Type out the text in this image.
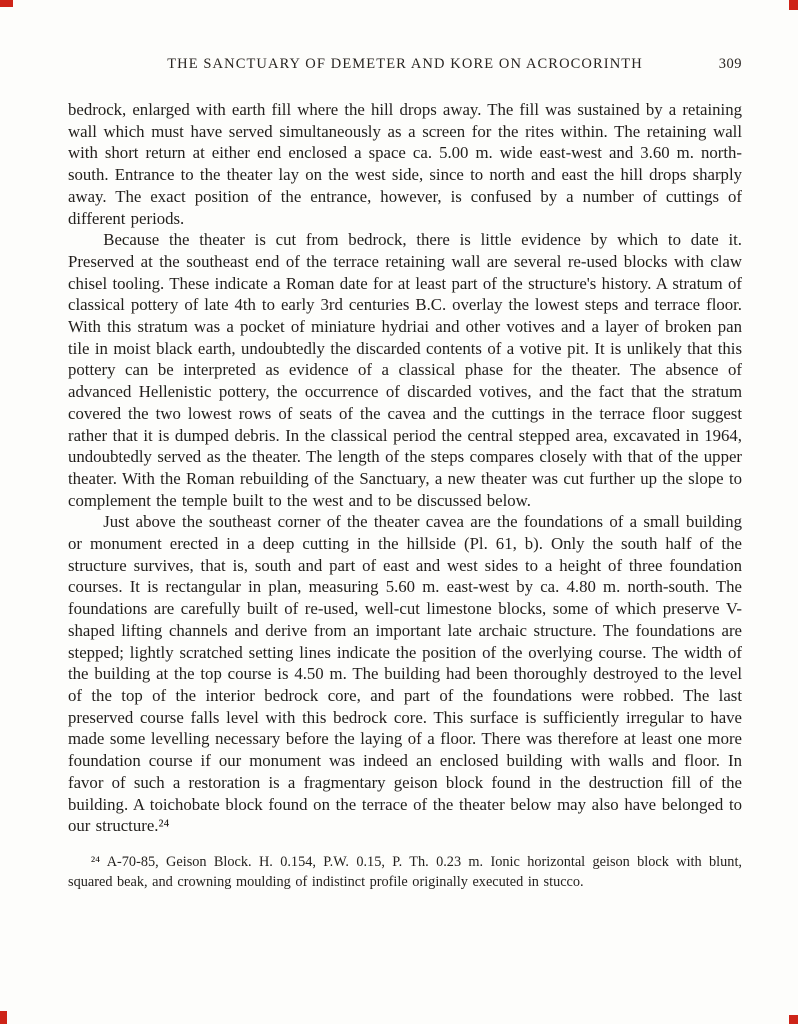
THE SANCTUARY OF DEMETER AND KORE ON ACROCORINTH	309

bedrock, enlarged with earth fill where the hill drops away. The fill was sustained by a retaining wall which must have served simultaneously as a screen for the rites within. The retaining wall with short return at either end enclosed a space ca. 5.00 m. wide east-west and 3.60 m. north-south. Entrance to the theater lay on the west side, since to north and east the hill drops sharply away. The exact position of the entrance, however, is confused by a number of cuttings of different periods.

Because the theater is cut from bedrock, there is little evidence by which to date it. Preserved at the southeast end of the terrace retaining wall are several re-used blocks with claw chisel tooling. These indicate a Roman date for at least part of the structure's history. A stratum of classical pottery of late 4th to early 3rd centuries B.C. overlay the lowest steps and terrace floor. With this stratum was a pocket of miniature hydriai and other votives and a layer of broken pan tile in moist black earth, undoubtedly the discarded contents of a votive pit. It is unlikely that this pottery can be interpreted as evidence of a classical phase for the theater. The absence of advanced Hellenistic pottery, the occurrence of discarded votives, and the fact that the stratum covered the two lowest rows of seats of the cavea and the cuttings in the terrace floor suggest rather that it is dumped debris. In the classical period the central stepped area, excavated in 1964, undoubtedly served as the theater. The length of the steps compares closely with that of the upper theater. With the Roman rebuilding of the Sanctuary, a new theater was cut further up the slope to complement the temple built to the west and to be discussed below.

Just above the southeast corner of the theater cavea are the foundations of a small building or monument erected in a deep cutting in the hillside (Pl. 61, b). Only the south half of the structure survives, that is, south and part of east and west sides to a height of three foundation courses. It is rectangular in plan, measuring 5.60 m. east-west by ca. 4.80 m. north-south. The foundations are carefully built of re-used, well-cut limestone blocks, some of which preserve V-shaped lifting channels and derive from an important late archaic structure. The foundations are stepped; lightly scratched setting lines indicate the position of the overlying course. The width of the building at the top course is 4.50 m. The building had been thoroughly destroyed to the level of the top of the interior bedrock core, and part of the foundations were robbed. The last preserved course falls level with this bedrock core. This surface is sufficiently irregular to have made some levelling necessary before the laying of a floor. There was therefore at least one more foundation course if our monument was indeed an enclosed building with walls and floor. In favor of such a restoration is a fragmentary geison block found in the destruction fill of the building. A toichobate block found on the terrace of the theater below may also have belonged to our structure.²⁴

²⁴ A-70-85, Geison Block. H. 0.154, P.W. 0.15, P. Th. 0.23 m. Ionic horizontal geison block with blunt, squared beak, and crowning moulding of indistinct profile originally executed in stucco.
